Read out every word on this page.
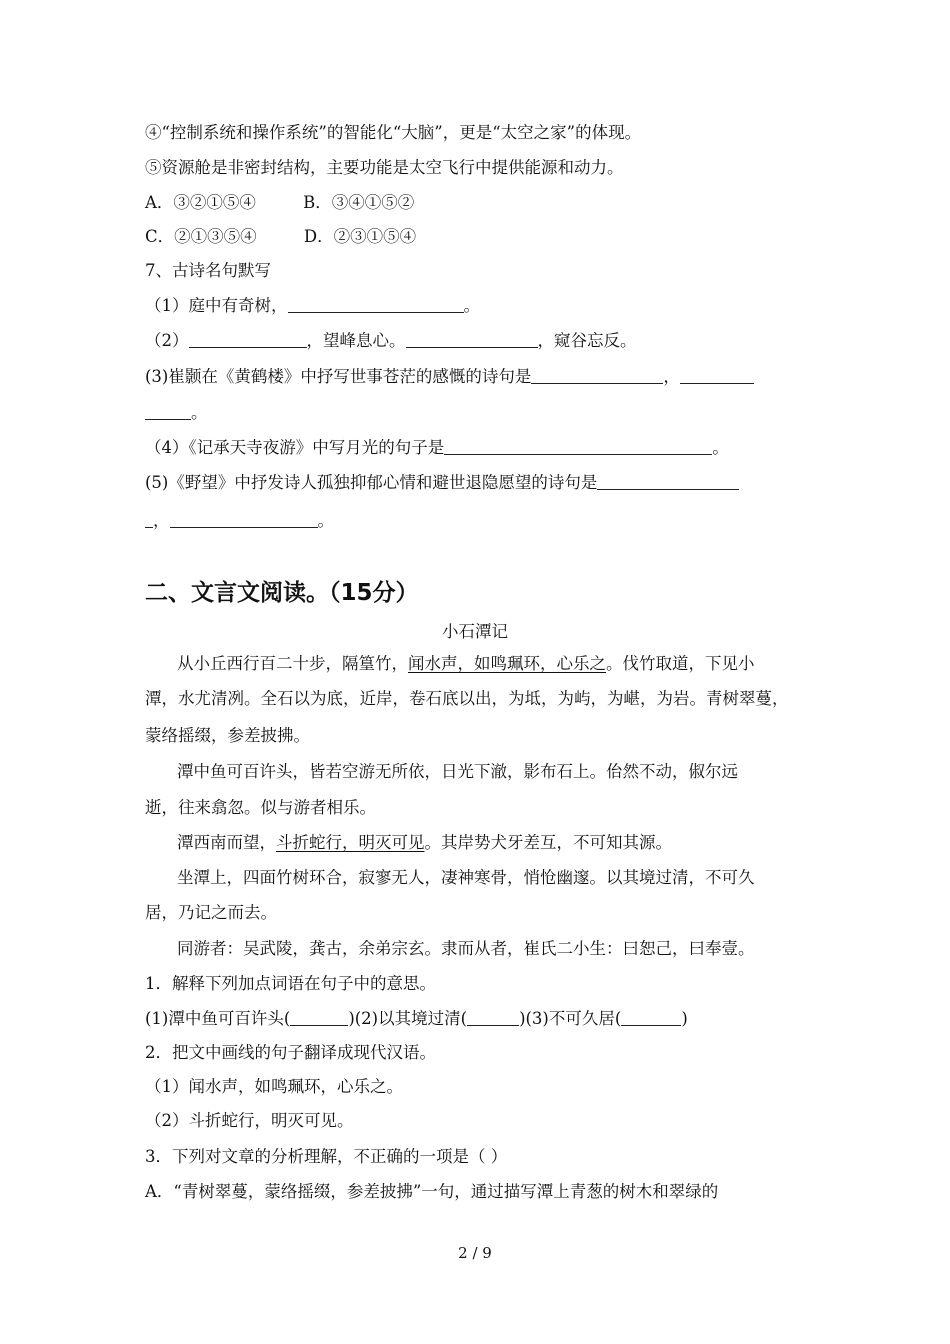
④“控制系统和操作系统”的智能化“大脑”，更是“太空之家”的体现。
⑤资源舱是非密封结构，主要功能是太空飞行中提供能源和动力。
A．③②①⑤④	B．③④①⑤②
C．②①③⑤④	D．②③①⑤④
7、古诗名句默写
（1）庭中有奇树，	。
（2）	，望峰息心。	，窥谷忘反。
(3)崔颢在《黄鹤楼》中抒写世事苍茫的感慨的诗句是	，
。
（4）《记承天寺夜游》中写月光的句子是	。
(5)《野望》中抒发诗人孤独抑郁心情和避世退隐愿望的诗句是
，	。
二、文言文阅读。（15分）
小石潭记
从小丘西行百二十步，隔篁竹，闻水声，如鸣珮环，心乐之。伐竹取道，下见小
潭，水尤清冽。全石以为底，近岸，卷石底以出，为坻，为屿，为嵁，为岩。青树翠蔓，
蒙络摇缀，参差披拂。
潭中鱼可百许头，皆若空游无所依，日光下澈，影布石上。佁然不动，俶尔远
逝，往来翕忽。似与游者相乐。
潭西南而望，斗折蛇行，明灭可见。其岸势犬牙差互，不可知其源。
坐潭上，四面竹树环合，寂寥无人，凄神寒骨，悄怆幽邃。以其境过清，不可久
居，乃记之而去。
同游者：吴武陵，龚古，余弟宗玄。隶而从者，崔氏二小生：曰恕己，曰奉壹。
1．解释下列加点词语在句子中的意思。
(1)潭中鱼可百许头(	)(2)以其境过清(	)(3)不可久居(	)
2．把文中画线的句子翻译成现代汉语。
（1）闻水声，如鸣珮环，心乐之。
（2）斗折蛇行，明灭可见。
3．下列对文章的分析理解，不正确的一项是（ ）
A．“青树翠蔓，蒙络摇缀，参差披拂”一句，通过描写潭上青葱的树木和翠绿的
2 / 9
